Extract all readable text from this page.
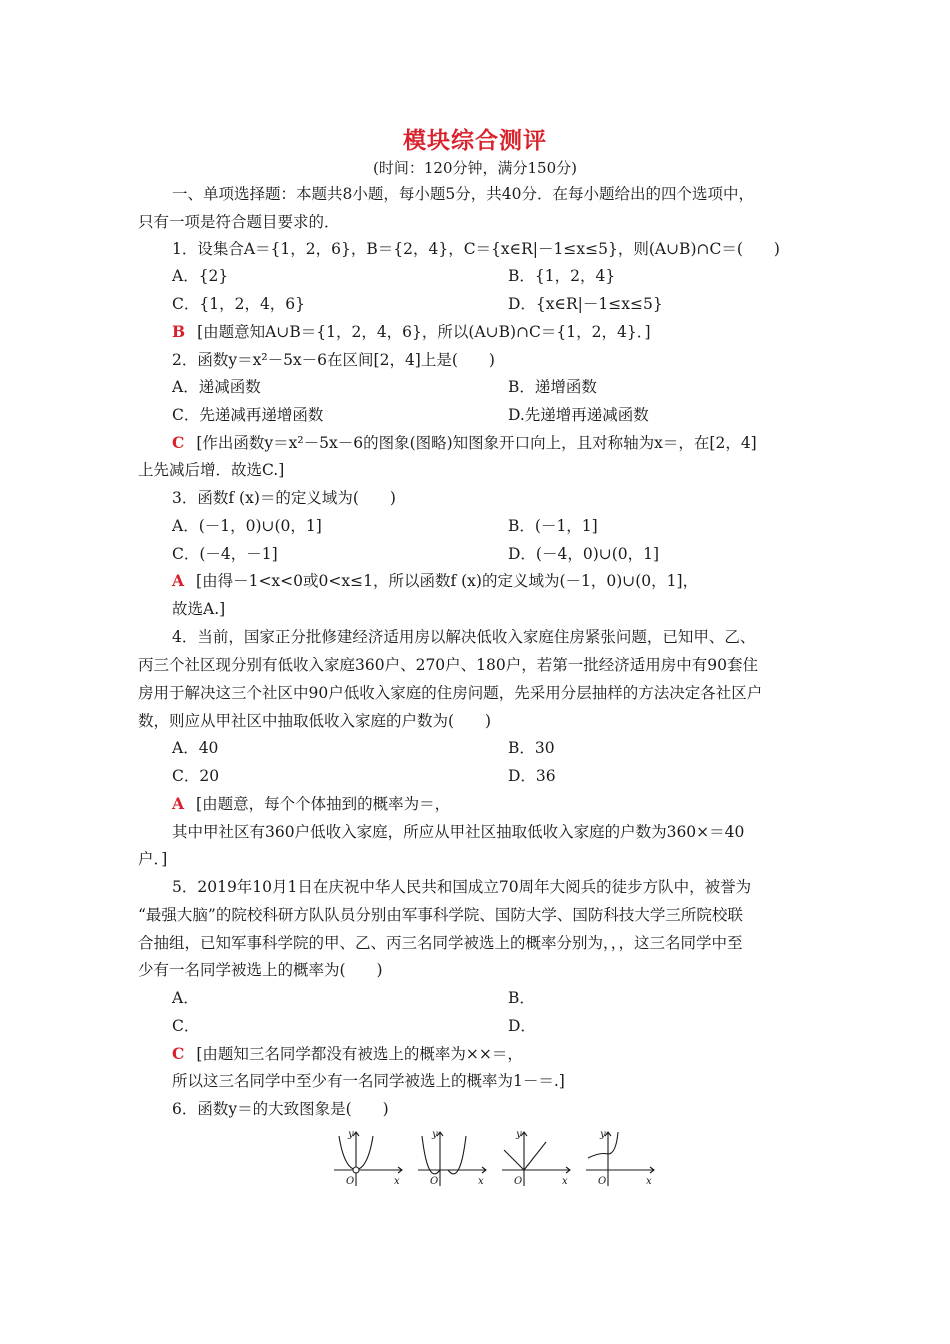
模块综合测评
(时间：120分钟，满分150分)
一、单项选择题：本题共8小题，每小题5分，共40分．在每小题给出的四个选项中，
只有一项是符合题目要求的．
1．设集合A＝{1，2，6}，B＝{2，4}，C＝{x∈R|－1≤x≤5}，则(A∪B)∩C＝(　　)
A．{2}	B．{1，2，4}
C．{1，2，4，6}	D．{x∈R|－1≤x≤5}
B [由题意知A∪B＝{1，2，4，6}，所以(A∪B)∩C＝{1，2，4}．]
2．函数y＝x²－5x－6在区间[2，4]上是(　　)
A．递减函数	B．递增函数
C．先递减再递增函数	D.先递增再递减函数
C [作出函数y＝x²－5x－6的图象(图略)知图象开口向上，且对称轴为x＝，在[2，4]
上先减后增．故选C.]
3．函数f (x)＝的定义域为(　　)
A．(－1，0)∪(0，1]	B．(－1，1]
C．(－4，－1]	D．(－4，0)∪(0，1]
A [由得－1<x<0或0<x≤1，所以函数f (x)的定义域为(－1，0)∪(0，1]，
故选A.]
4．当前，国家正分批修建经济适用房以解决低收入家庭住房紧张问题，已知甲、乙、
丙三个社区现分别有低收入家庭360户、270户、180户，若第一批经济适用房中有90套住
房用于解决这三个社区中90户低收入家庭的住房问题，先采用分层抽样的方法决定各社区户
数，则应从甲社区中抽取低收入家庭的户数为(　　)
A．40	B．30
C．20	D．36
A [由题意，每个个体抽到的概率为＝，
其中甲社区有360户低收入家庭，所应从甲社区抽取低收入家庭的户数为360×＝40
户．]
5．2019年10月1日在庆祝中华人民共和国成立70周年大阅兵的徒步方队中，被誉为
“最强大脑”的院校科研方队队员分别由军事科学院、国防大学、国防科技大学三所院校联
合抽组，已知军事科学院的甲、乙、丙三名同学被选上的概率分别为，，，这三名同学中至
少有一名同学被选上的概率为(　　)
A．	B．
C．	D．
C [由题知三名同学都没有被选上的概率为××＝，
所以这三名同学中至少有一名同学被选上的概率为1－＝.]
6．函数y＝的大致图象是(　　)
y
x
O
y
x
O
y
x
O
y
x
O
